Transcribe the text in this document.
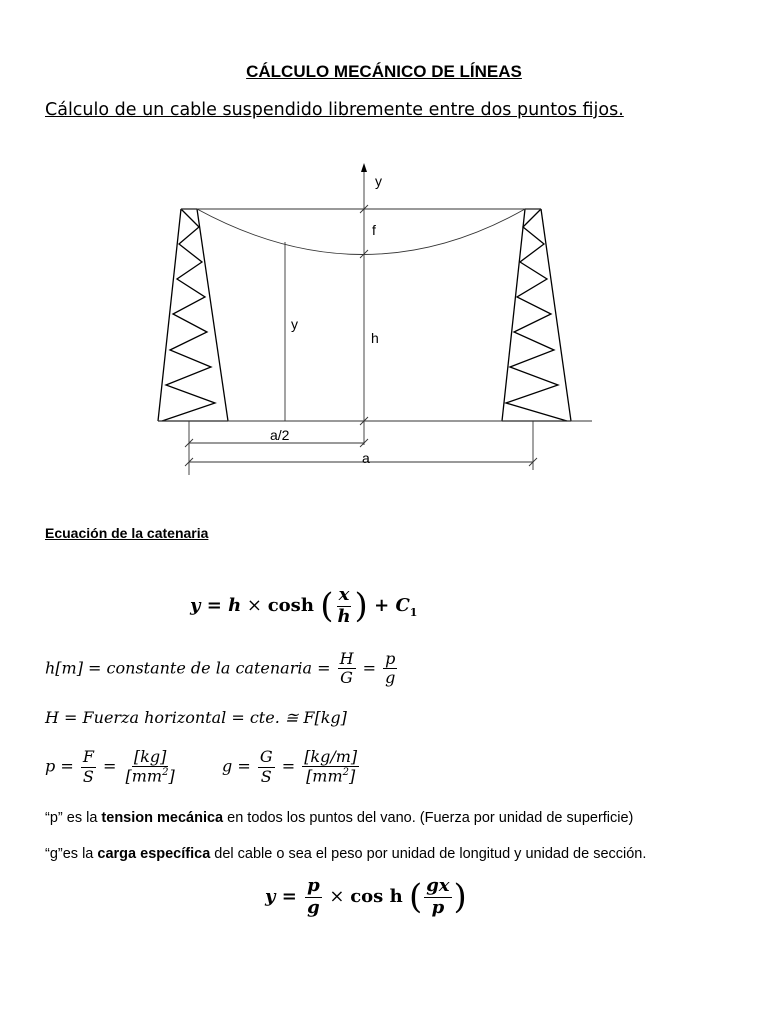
CÁLCULO MECÁNICO DE LÍNEAS
Cálculo de un cable suspendido libremente entre dos puntos fijos.
y
f
h
y
a/2
a
Ecuación de la catenaria
y = h × cosh ( $\frac{x}{h}$ ) + $C_1$
h[m] = constante de la catenaria = $\frac{H}{G} = \frac{p}{g}$
H = Fuerza horizontal = cte. ≅ F[kg]
$p = \frac{F}{S} = \frac{[kg]}{[mm^2]}$	$g = \frac{G}{S} = \frac{[kg/m]}{[mm^2]}$
“p” es la tension mecánica en todos los puntos del vano. (Fuerza por unidad de superficie)
“g”es la carga específica del cable o sea el peso por unidad de longitud y unidad de sección.
$y = \frac{p}{g} \times \cos h$ ( $\frac{gx}{p}$ )
